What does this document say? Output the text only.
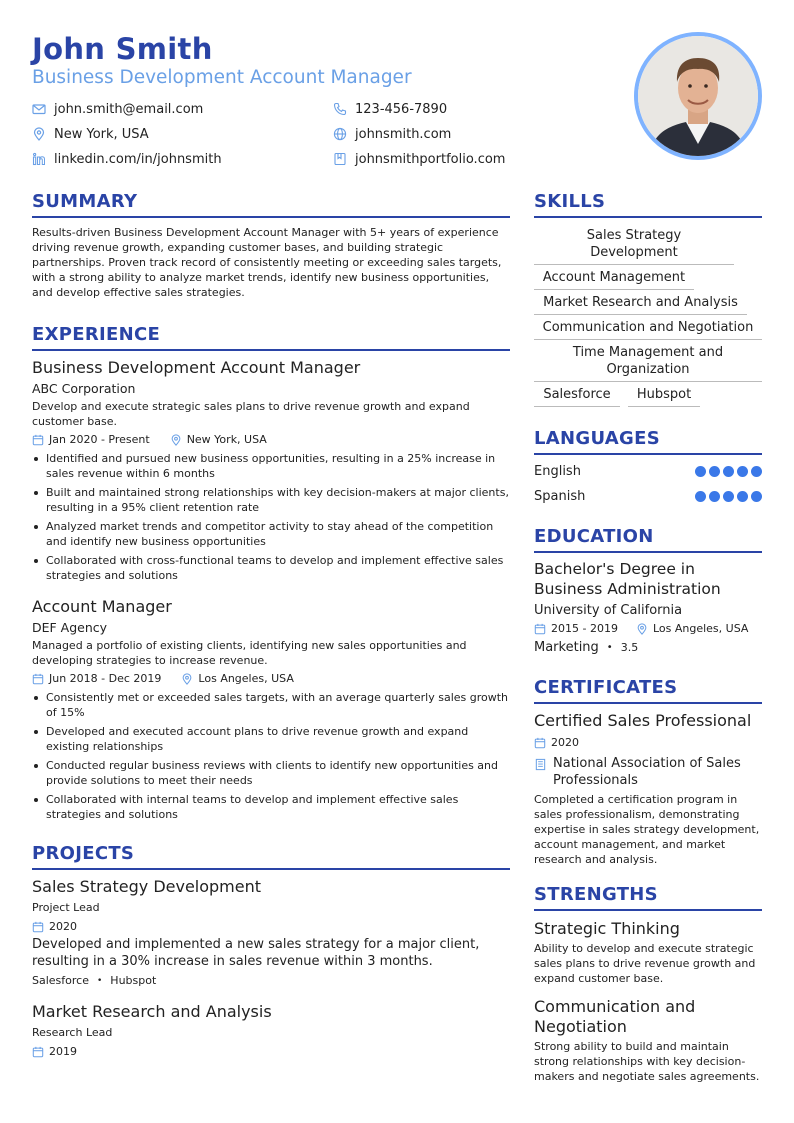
John Smith
Business Development Account Manager
john.smith@email.com	123-456-7890
New York, USA	johnsmith.com
linkedin.com/in/johnsmith	johnsmithportfolio.com
SUMMARY
Results-driven Business Development Account Manager with 5+ years of experience driving revenue growth, expanding customer bases, and building strategic partnerships. Proven track record of consistently meeting or exceeding sales targets, with a strong ability to analyze market trends, identify new business opportunities, and develop effective sales strategies.
EXPERIENCE
Business Development Account Manager
ABC Corporation
Develop and execute strategic sales plans to drive revenue growth and expand customer base.
Jan 2020 - Present	New York, USA
Identified and pursued new business opportunities, resulting in a 25% increase in sales revenue within 6 months
Built and maintained strong relationships with key decision-makers at major clients, resulting in a 95% client retention rate
Analyzed market trends and competitor activity to stay ahead of the competition and identify new business opportunities
Collaborated with cross-functional teams to develop and implement effective sales strategies and solutions
Account Manager
DEF Agency
Managed a portfolio of existing clients, identifying new sales opportunities and developing strategies to increase revenue.
Jun 2018 - Dec 2019	Los Angeles, USA
Consistently met or exceeded sales targets, with an average quarterly sales growth of 15%
Developed and executed account plans to drive revenue growth and expand existing relationships
Conducted regular business reviews with clients to identify new opportunities and provide solutions to meet their needs
Collaborated with internal teams to develop and implement effective sales strategies and solutions
PROJECTS
Sales Strategy Development
Project Lead
2020
Developed and implemented a new sales strategy for a major client, resulting in a 30% increase in sales revenue within 3 months.
Salesforce • Hubspot
Market Research and Analysis
Research Lead
2019
SKILLS
Sales Strategy Development
Account Management
Market Research and Analysis
Communication and Negotiation
Time Management and Organization
Salesforce	Hubspot
LANGUAGES
English
Spanish
EDUCATION
Bachelor's Degree in Business Administration
University of California
2015 - 2019	Los Angeles, USA
Marketing • 3.5
CERTIFICATES
Certified Sales Professional
2020
National Association of Sales Professionals
Completed a certification program in sales professionalism, demonstrating expertise in sales strategy development, account management, and market research and analysis.
STRENGTHS
Strategic Thinking
Ability to develop and execute strategic sales plans to drive revenue growth and expand customer base.
Communication and Negotiation
Strong ability to build and maintain strong relationships with key decision-makers and negotiate sales agreements.
